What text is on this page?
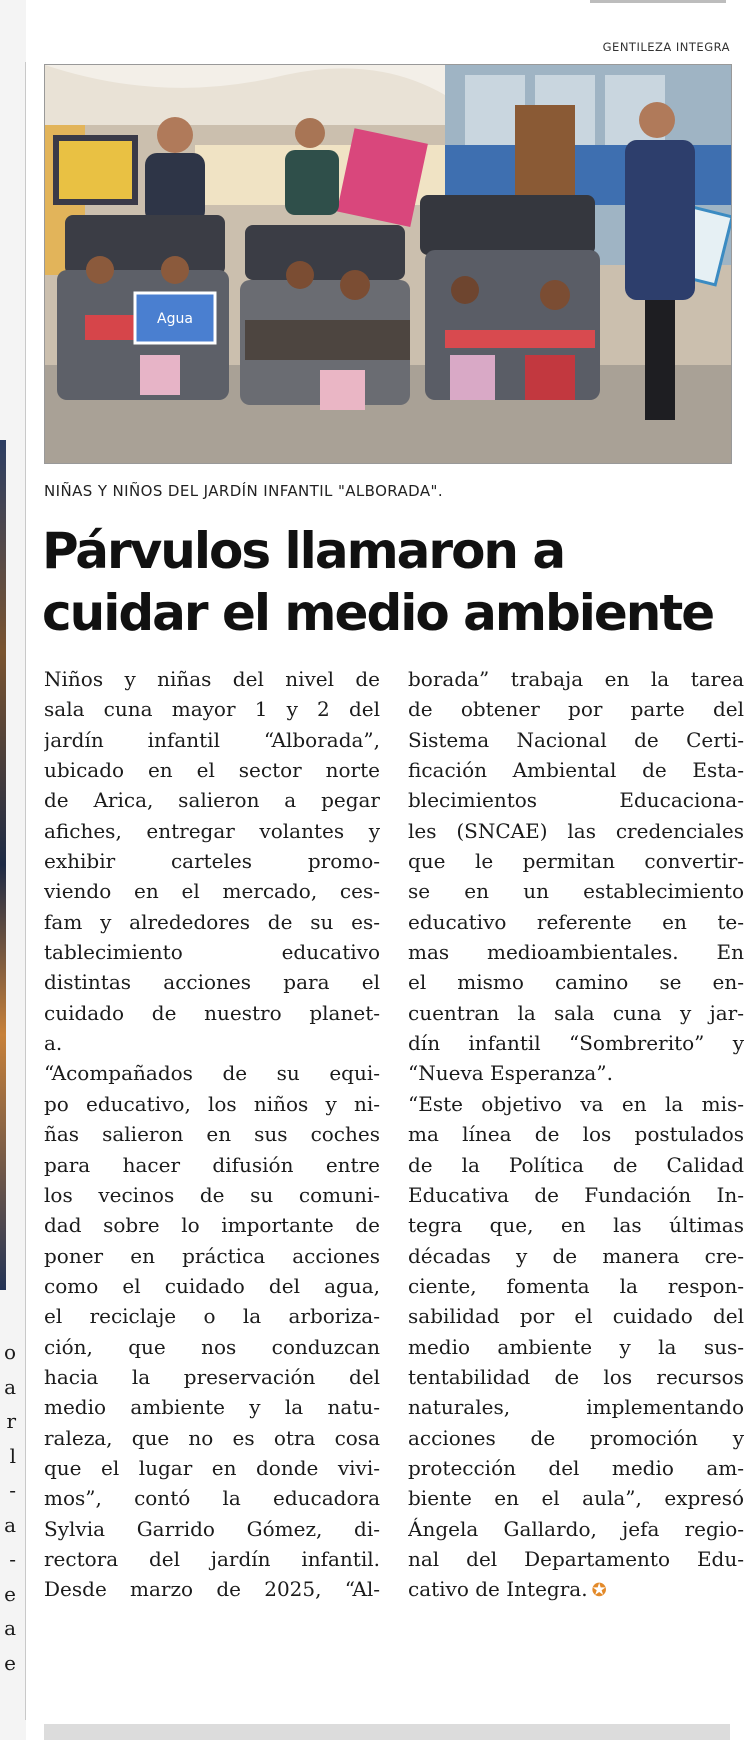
o
a
r
l
-
a
-
e
a
e
GENTILEZA INTEGRA
Agua
NIÑAS Y NIÑOS DEL JARDÍN INFANTIL "ALBORADA".
Párvulos llamaron a
cuidar el medio ambiente
Niños y niñas del nivel de
sala cuna mayor 1 y 2 del
jardín infantil “Alborada”,
ubicado en el sector norte
de Arica, salieron a pegar
afiches, entregar volantes y
exhibir carteles promo-
viendo en el mercado, ces-
fam y alrededores de su es-
tablecimiento educativo
distintas acciones para el
cuidado de nuestro planet-
a.
“Acompañados de su equi-
po educativo, los niños y ni-
ñas salieron en sus coches
para hacer difusión entre
los vecinos de su comuni-
dad sobre lo importante de
poner en práctica acciones
como el cuidado del agua,
el reciclaje o la arboriza-
ción, que nos conduzcan
hacia la preservación del
medio ambiente y la natu-
raleza, que no es otra cosa
que el lugar en donde vivi-
mos”, contó la educadora
Sylvia Garrido Gómez, di-
rectora del jardín infantil.
Desde marzo de 2025, “Al-
borada” trabaja en la tarea
de obtener por parte del
Sistema Nacional de Certi-
ficación Ambiental de Esta-
blecimientos Educaciona-
les (SNCAE) las credenciales
que le permitan convertir-
se en un establecimiento
educativo referente en te-
mas medioambientales. En
el mismo camino se en-
cuentran la sala cuna y jar-
dín infantil “Sombrerito” y
“Nueva Esperanza”.
“Este objetivo va en la mis-
ma línea de los postulados
de la Política de Calidad
Educativa de Fundación In-
tegra que, en las últimas
décadas y de manera cre-
ciente, fomenta la respon-
sabilidad por el cuidado del
medio ambiente y la sus-
tentabilidad de los recursos
naturales, implementando
acciones de promoción y
protección del medio am-
biente en el aula”, expresó
Ángela Gallardo, jefa regio-
nal del Departamento Edu-
cativo de Integra. ✪
